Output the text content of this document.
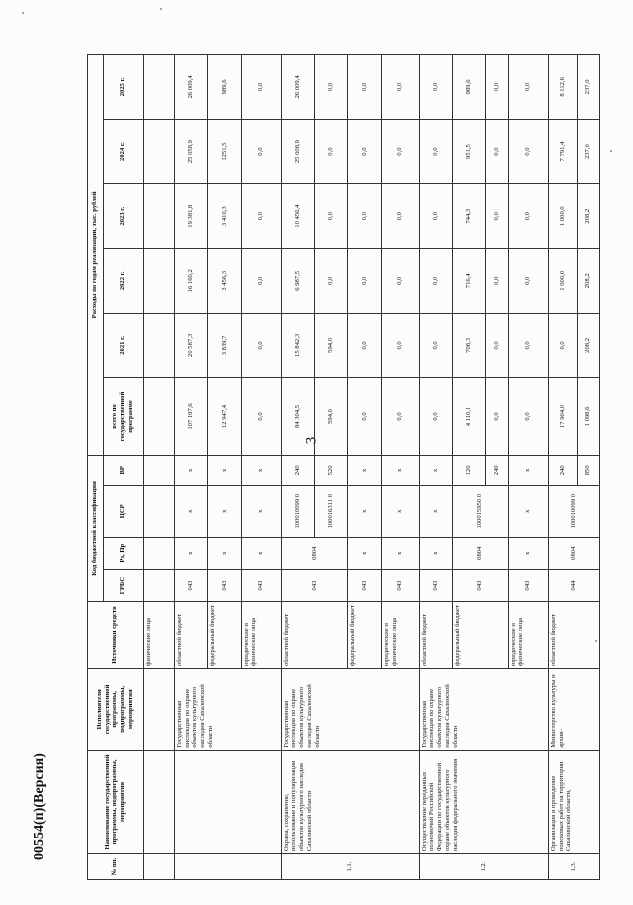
3
00554(п)(Версия)
№ пп.	Наименование государственной программы, подпрограммы, мероприятия	Исполнители государственной программы, подпрограммы, мероприятия	Источники средств	Код бюджетной классификации				Расходы по годам реализации, тыс. рублей					
				ГРБС	Рз, Пр	ЦСР	ВР	всего по государственной программе	2021 г.	2022 г.	2023 г.	2024 г.	2025 г.
			физические лица										
		Государственная инспекция по охране объектов культурного наследия Сахалинской области	областной бюджет	043	x	x	x	107 197,6	20 587,3	16 160,2	19 381,8	25 058,9	26 009,4
			федеральный бюджет	043	x	x	x	12 947,4	3 839,7	3 456,3	3 410,3	1251,5	989,6
			юридические и физические лица	043	x	x	x	0,0	0,0	0,0	0,0	0,0	0,0
1.1.	Охрана, сохранение, использование и популяризация объектов культурного наследия Сахалинской области	Государственная инспекция по охране объектов культурного наследия Сахалинской области	областной бюджет	043	0804	100010099 0	240	84 304,5	15 842,3	6 987,5	10 456,4	25 008,9	26 009,4
						100016311 0	520	594,0	594,0	0,0	0,0	0,0	0,0
			федеральный бюджет	043	x	x	x	0,0	0,0	0,0	0,0	0,0	0,0
			юридические и физические лица	043	x	x	x	0,0	0,0	0,0	0,0	0,0	0,0
1.2.	Осуществление переданных полномочий Российской Федерации по государственной охране объектов культурного наследия федерального значения	Государственная инспекция по охране объектов культурного наследия Сахалинской области	областной бюджет	043	x	x	x	0,0	0,0	0,0	0,0	0,0	0,0
			федеральный бюджет	043	0804	100015950 0	120	4 110,1	708,3	716,4	744,3	951,5	989,6
							240	0,0	0,0	0,0	0,0	0,0	0,0
			юридические и физические лица	043	x	x	x	0,0	0,0	0,0	0,0	0,0	0,0
1.3.	Организация и проведение поисковых работ на территории Сахалинской области,	Министерство культуры и архив-	областной бюджет	044	0804	100010099 0	240	17 904,0	0,0	1 000,0	1 000,0	7 791,4	8 112,6
							850	1 098,6	208,2	208,2	208,2	237,0	237,0
